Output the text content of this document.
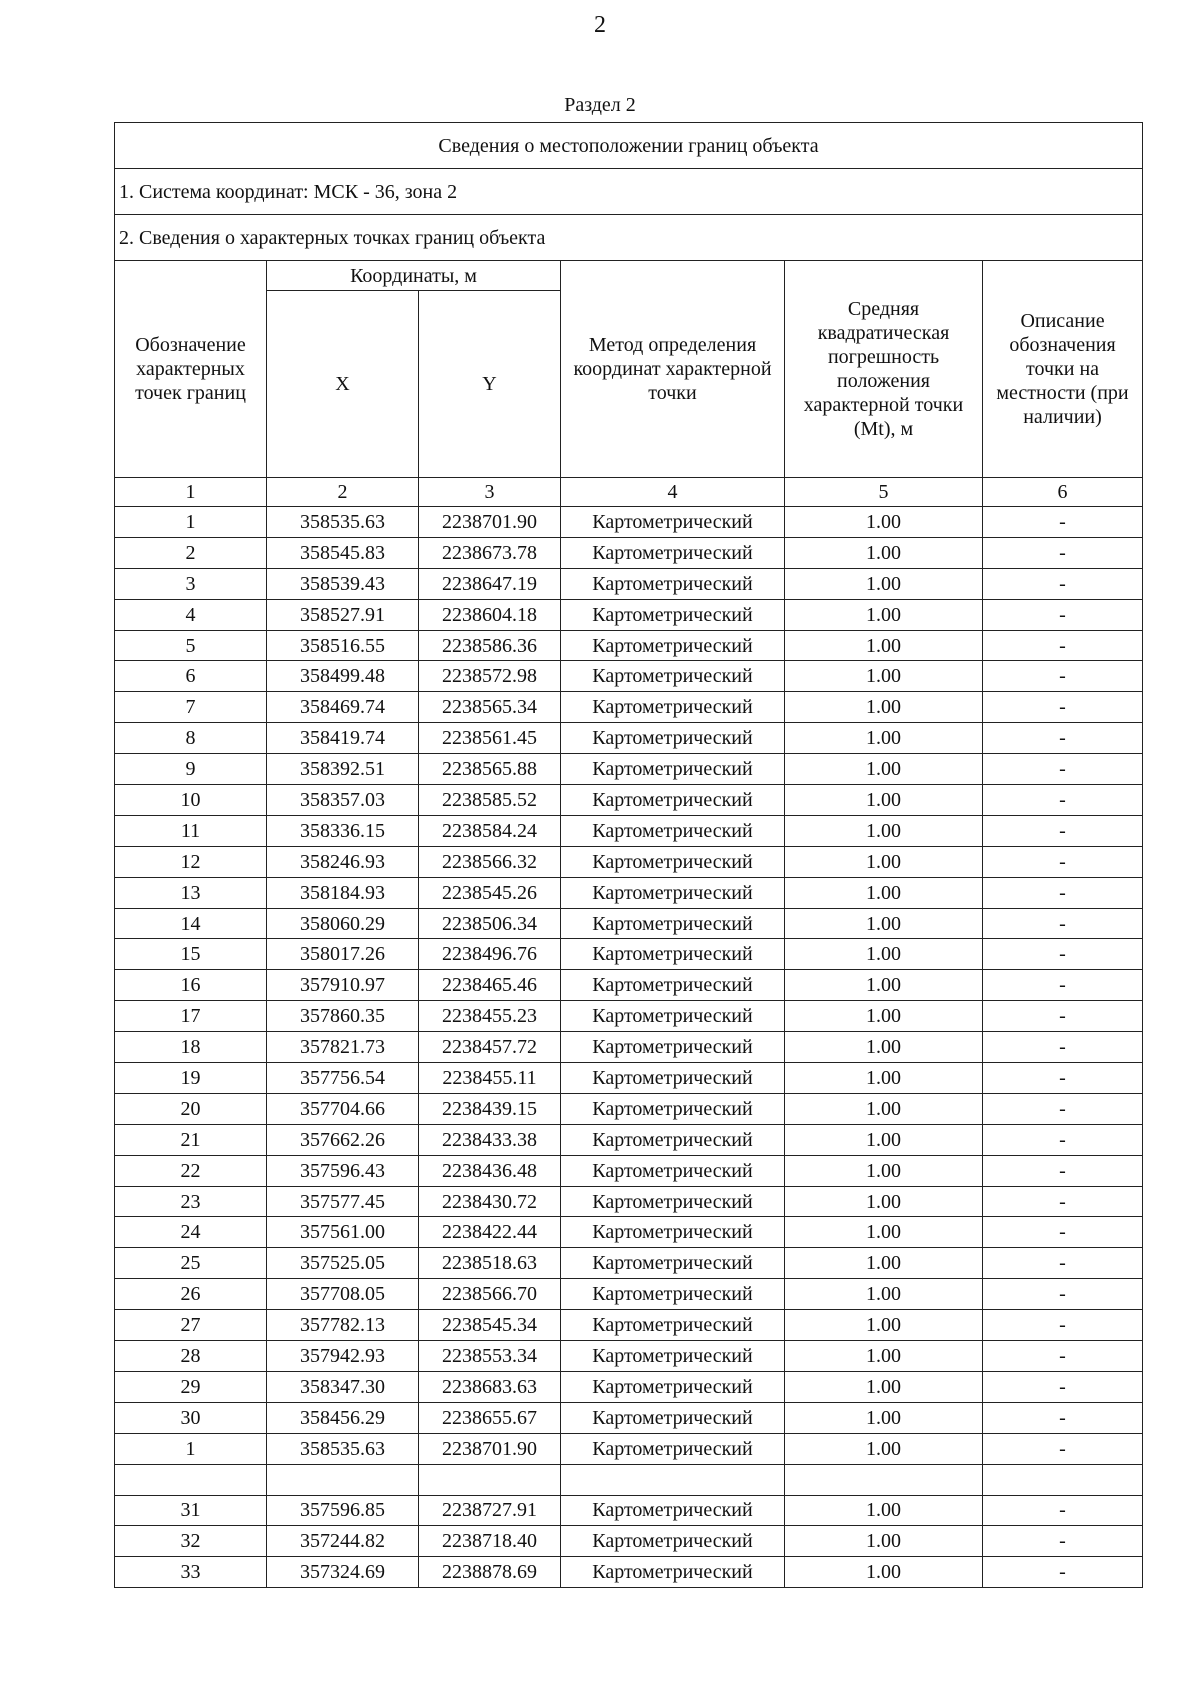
2
Раздел 2
Сведения о местоположении границ объекта					
1. Система координат: МСК - 36, зона 2					
2. Сведения о характерных точках границ объекта					
Обозначение характерных точек границ	Координаты, м		Метод определения координат характерной точки	Средняя квадратическая погрешность положения характерной точки (Mt), м	Описание обозначения точки на местности (при наличии)
	X	Y			
1	2	3	4	5	6
1	358535.63	2238701.90	Картометрический	1.00	-
2	358545.83	2238673.78	Картометрический	1.00	-
3	358539.43	2238647.19	Картометрический	1.00	-
4	358527.91	2238604.18	Картометрический	1.00	-
5	358516.55	2238586.36	Картометрический	1.00	-
6	358499.48	2238572.98	Картометрический	1.00	-
7	358469.74	2238565.34	Картометрический	1.00	-
8	358419.74	2238561.45	Картометрический	1.00	-
9	358392.51	2238565.88	Картометрический	1.00	-
10	358357.03	2238585.52	Картометрический	1.00	-
11	358336.15	2238584.24	Картометрический	1.00	-
12	358246.93	2238566.32	Картометрический	1.00	-
13	358184.93	2238545.26	Картометрический	1.00	-
14	358060.29	2238506.34	Картометрический	1.00	-
15	358017.26	2238496.76	Картометрический	1.00	-
16	357910.97	2238465.46	Картометрический	1.00	-
17	357860.35	2238455.23	Картометрический	1.00	-
18	357821.73	2238457.72	Картометрический	1.00	-
19	357756.54	2238455.11	Картометрический	1.00	-
20	357704.66	2238439.15	Картометрический	1.00	-
21	357662.26	2238433.38	Картометрический	1.00	-
22	357596.43	2238436.48	Картометрический	1.00	-
23	357577.45	2238430.72	Картометрический	1.00	-
24	357561.00	2238422.44	Картометрический	1.00	-
25	357525.05	2238518.63	Картометрический	1.00	-
26	357708.05	2238566.70	Картометрический	1.00	-
27	357782.13	2238545.34	Картометрический	1.00	-
28	357942.93	2238553.34	Картометрический	1.00	-
29	358347.30	2238683.63	Картометрический	1.00	-
30	358456.29	2238655.67	Картометрический	1.00	-
1	358535.63	2238701.90	Картометрический	1.00	-

31	357596.85	2238727.91	Картометрический	1.00	-
32	357244.82	2238718.40	Картометрический	1.00	-
33	357324.69	2238878.69	Картометрический	1.00	-
